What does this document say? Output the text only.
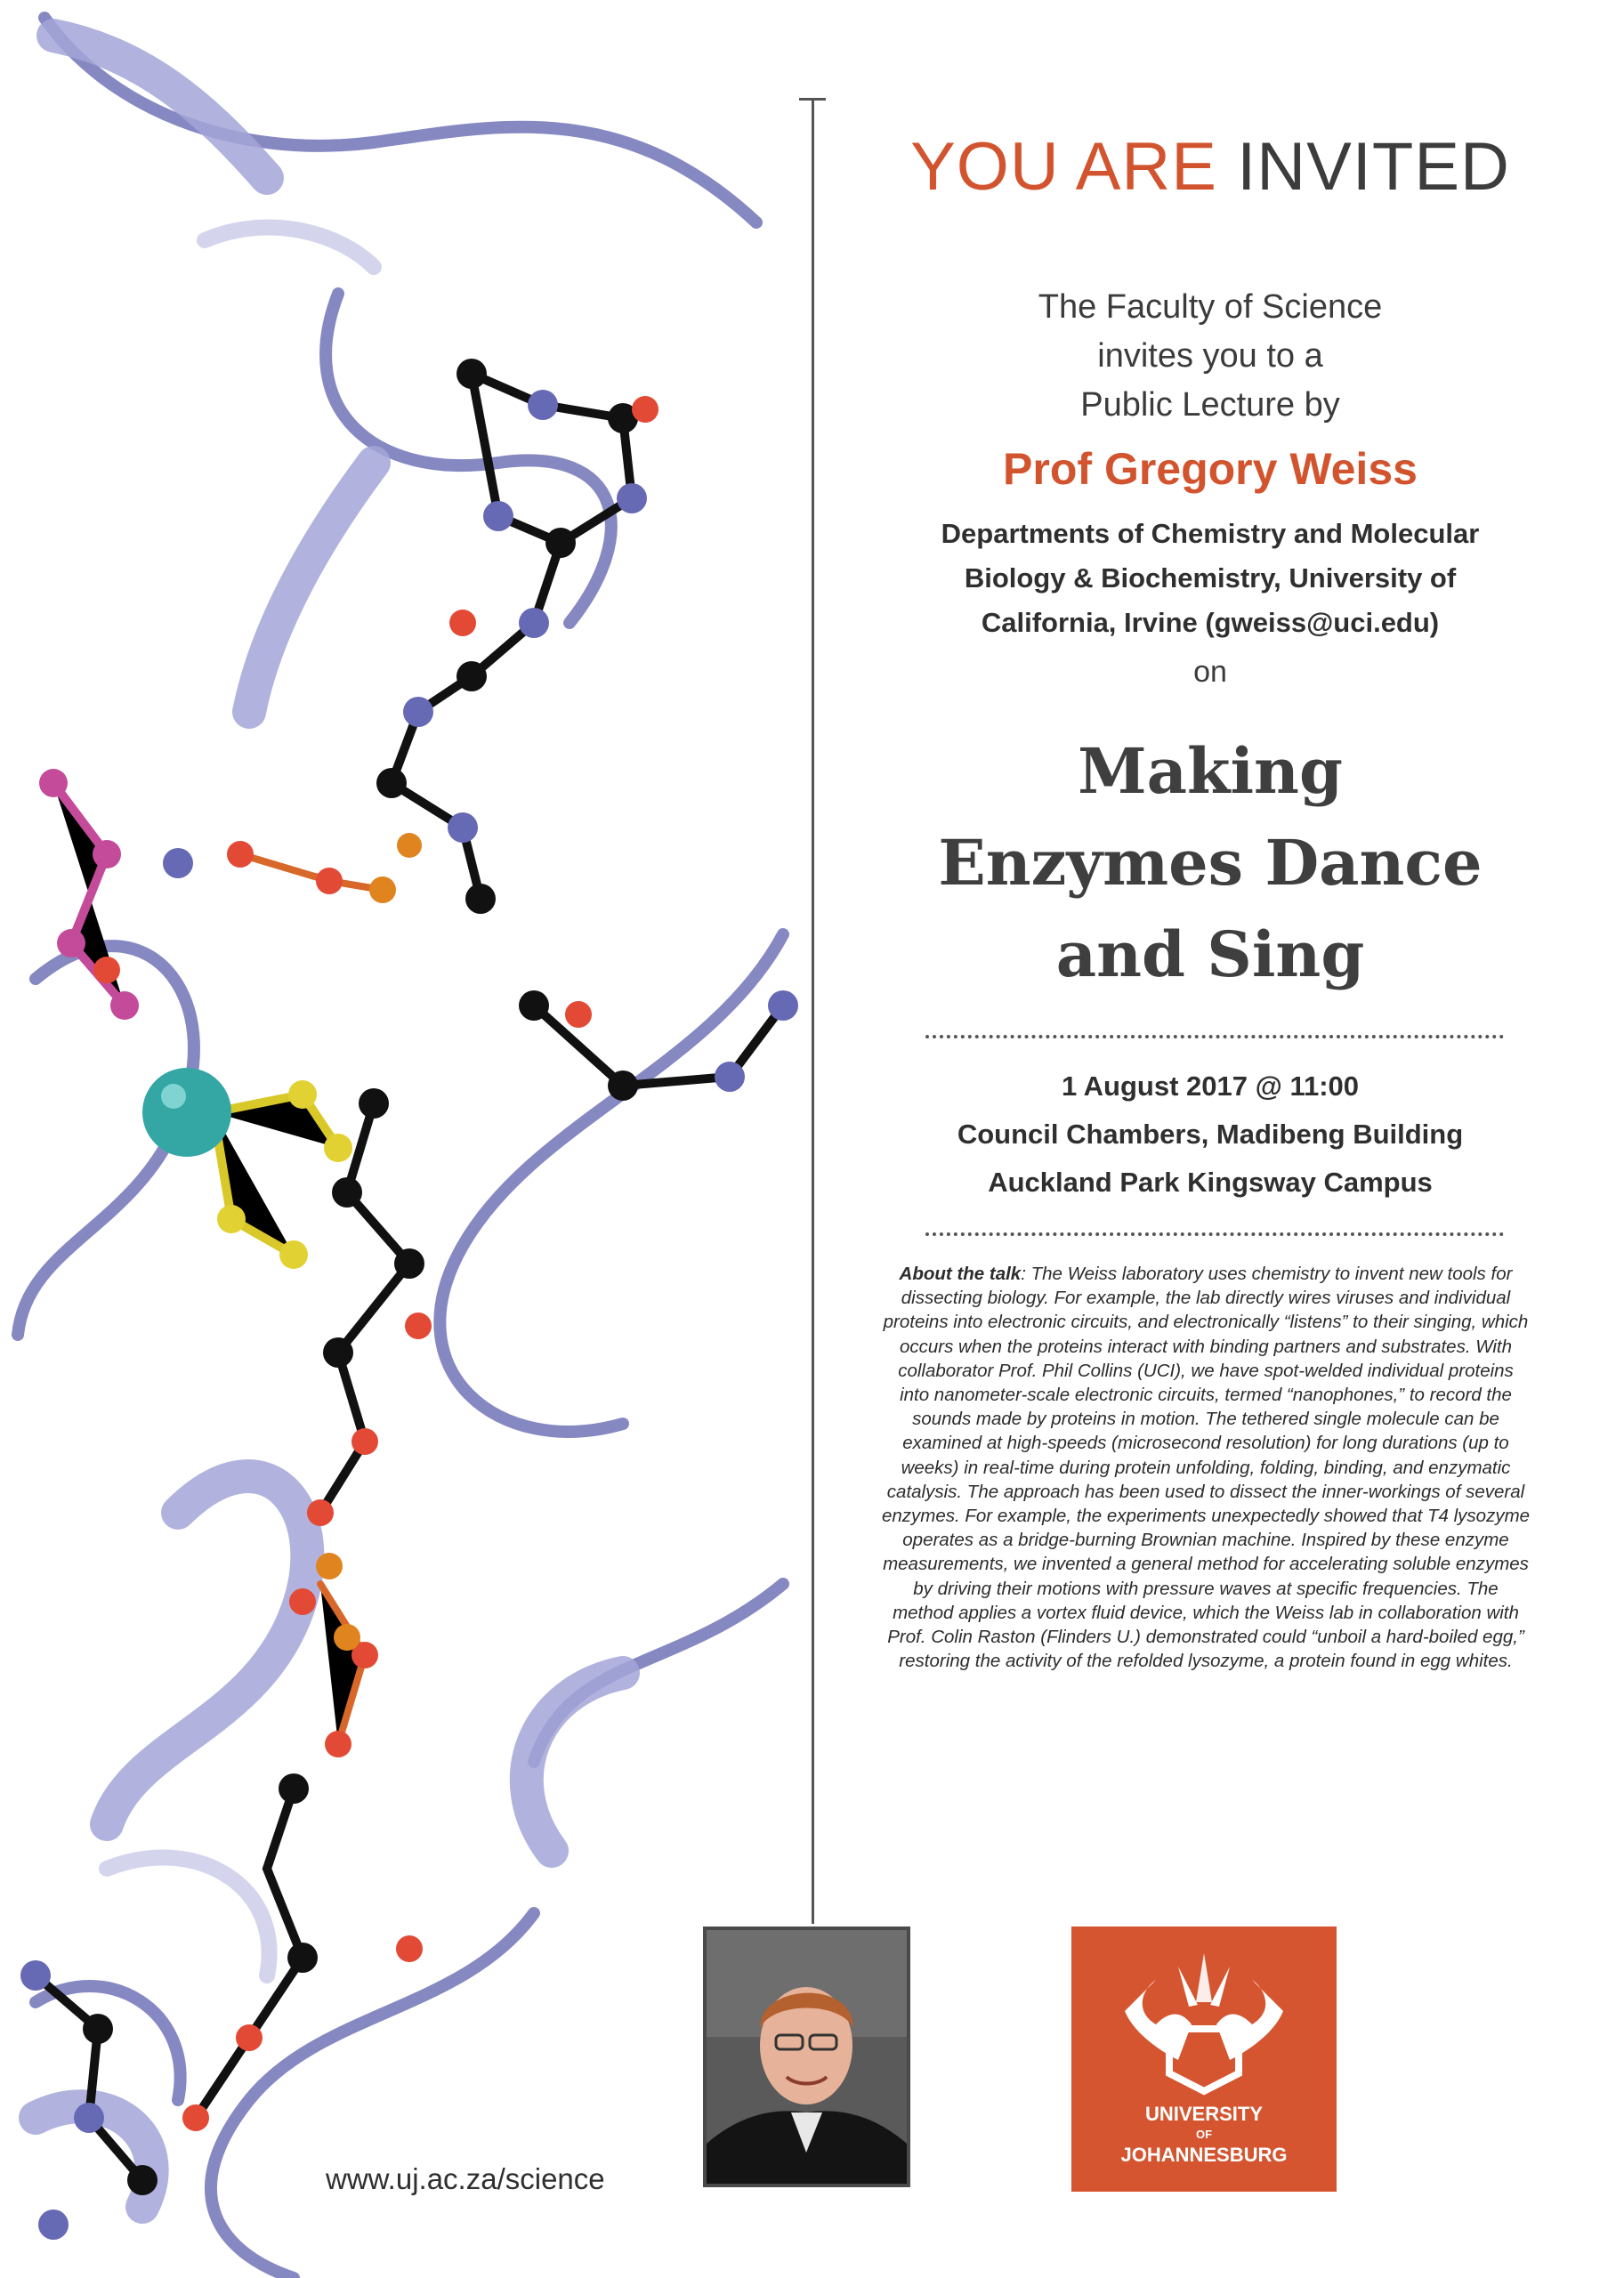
YOU ARE INVITED
The Faculty of Science
invites you to a
Public Lecture by
Prof Gregory Weiss
Departments of Chemistry and Molecular
Biology & Biochemistry, University of
California, Irvine (gweiss@uci.edu)
on
Making
Enzymes Dance
and Sing
1 August 2017 @ 11:00
Council Chambers, Madibeng Building
Auckland Park Kingsway Campus
About the talk: The Weiss laboratory uses chemistry to invent new tools for dissecting biology. For example, the lab directly wires viruses and individual proteins into electronic circuits, and electronically “listens” to their singing, which occurs when the proteins interact with binding partners and substrates. With collaborator Prof. Phil Collins (UCI), we have spot-welded individual proteins into nanometer-scale electronic circuits, termed “nanophones,” to record the sounds made by proteins in motion. The tethered single molecule can be examined at high-speeds (microsecond resolution) for long durations (up to weeks) in real-time during protein unfolding, folding, binding, and enzymatic catalysis. The approach has been used to dissect the inner-workings of several enzymes. For example, the experiments unexpectedly showed that T4 lysozyme operates as a bridge-burning Brownian machine. Inspired by these enzyme measurements, we invented a general method for accelerating soluble enzymes by driving their motions with pressure waves at specific frequencies. The method applies a vortex fluid device, which the Weiss lab in collaboration with Prof. Colin Raston (Flinders U.) demonstrated could “unboil a hard-boiled egg,” restoring the activity of the refolded lysozyme, a protein found in egg whites.
UNIVERSITY
OF
JOHANNESBURG
www.uj.ac.za/science
